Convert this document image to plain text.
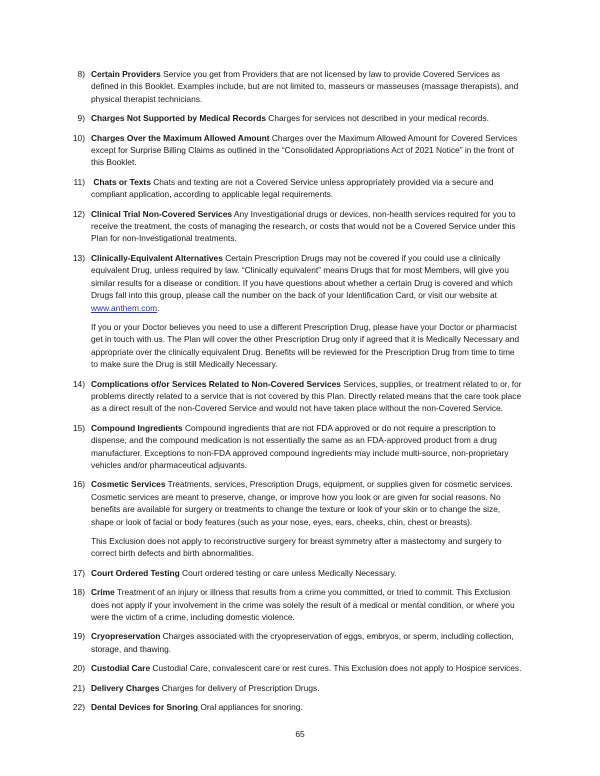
8) Certain Providers Service you get from Providers that are not licensed by law to provide Covered Services as defined in this Booklet. Examples include, but are not limited to, masseurs or masseuses (massage therapists), and physical therapist technicians.
9) Charges Not Supported by Medical Records Charges for services not described in your medical records.
10) Charges Over the Maximum Allowed Amount Charges over the Maximum Allowed Amount for Covered Services except for Surprise Billing Claims as outlined in the “Consolidated Appropriations Act of 2021 Notice” in the front of this Booklet.
11) Chats or Texts Chats and texting are not a Covered Service unless appropriately provided via a secure and compliant application, according to applicable legal requirements.
12) Clinical Trial Non-Covered Services Any Investigational drugs or devices, non-health services required for you to receive the treatment, the costs of managing the research, or costs that would not be a Covered Service under this Plan for non-Investigational treatments.
13) Clinically-Equivalent Alternatives Certain Prescription Drugs may not be covered if you could use a clinically equivalent Drug, unless required by law. “Clinically equivalent” means Drugs that for most Members, will give you similar results for a disease or condition. If you have questions about whether a certain Drug is covered and which Drugs fall into this group, please call the number on the back of your Identification Card, or visit our website at www.anthem.com.
If you or your Doctor believes you need to use a different Prescription Drug, please have your Doctor or pharmacist get in touch with us. The Plan will cover the other Prescription Drug only if agreed that it is Medically Necessary and appropriate over the clinically equivalent Drug. Benefits will be reviewed for the Prescription Drug from time to time to make sure the Drug is still Medically Necessary.
14) Complications of/or Services Related to Non-Covered Services Services, supplies, or treatment related to or, for problems directly related to a service that is not covered by this Plan. Directly related means that the care took place as a direct result of the non-Covered Service and would not have taken place without the non-Covered Service.
15) Compound Ingredients Compound ingredients that are not FDA approved or do not require a prescription to dispense, and the compound medication is not essentially the same as an FDA-approved product from a drug manufacturer. Exceptions to non-FDA approved compound ingredients may include multi-source, non-proprietary vehicles and/or pharmaceutical adjuvants.
16) Cosmetic Services Treatments, services, Prescription Drugs, equipment, or supplies given for cosmetic services. Cosmetic services are meant to preserve, change, or improve how you look or are given for social reasons. No benefits are available for surgery or treatments to change the texture or look of your skin or to change the size, shape or look of facial or body features (such as your nose, eyes, ears, cheeks, chin, chest or breasts).
This Exclusion does not apply to reconstructive surgery for breast symmetry after a mastectomy and surgery to correct birth defects and birth abnormalities.
17) Court Ordered Testing Court ordered testing or care unless Medically Necessary.
18) Crime Treatment of an injury or illness that results from a crime you committed, or tried to commit. This Exclusion does not apply if your involvement in the crime was solely the result of a medical or mental condition, or where you were the victim of a crime, including domestic violence.
19) Cryopreservation Charges associated with the cryopreservation of eggs, embryos, or sperm, including collection, storage, and thawing.
20) Custodial Care Custodial Care, convalescent care or rest cures. This Exclusion does not apply to Hospice services.
21) Delivery Charges Charges for delivery of Prescription Drugs.
22) Dental Devices for Snoring Oral appliances for snoring.
65
